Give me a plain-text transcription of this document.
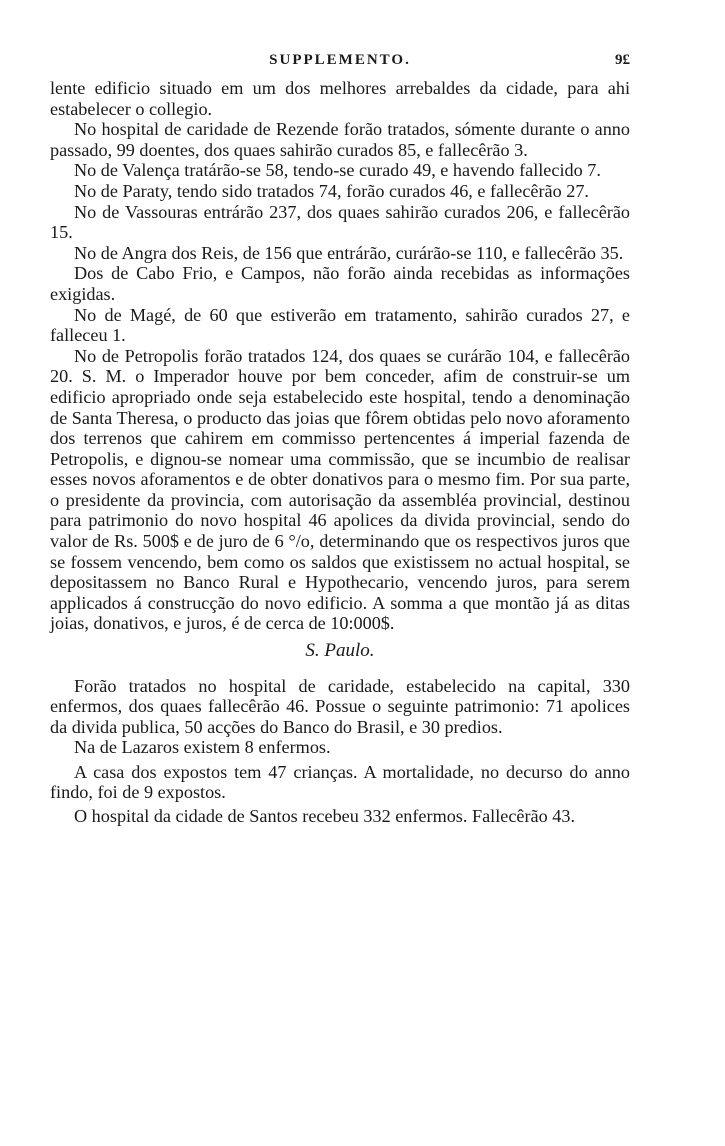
SUPPLEMENTO.	9£

lente edificio situado em um dos melhores arrebaldes da cidade, para ahi estabelecer o collegio.

No hospital de caridade de Rezende forão tratados, sómente durante o anno passado, 99 doentes, dos quaes sahirão curados 85, e fallecêrão 3.

No de Valença tratárão-se 58, tendo-se curado 49, e havendo fallecido 7.

No de Paraty, tendo sido tratados 74, forão curados 46, e fallecêrão 27.

No de Vassouras entrárão 237, dos quaes sahirão curados 206, e fallecêrão 15.

No de Angra dos Reis, de 156 que entrárão, curárão-se 110, e fallecêrão 35.

Dos de Cabo Frio, e Campos, não forão ainda recebidas as informações exigidas.

No de Magé, de 60 que estiverão em tratamento, sahirão curados 27, e falleceu 1.

No de Petropolis forão tratados 124, dos quaes se curárão 104, e fallecêrão 20. S. M. o Imperador houve por bem conceder, afim de construir-se um edificio apropriado onde seja estabelecido este hospital, tendo a denominação de Santa Theresa, o producto das joias que fôrem obtidas pelo novo aforamento dos terrenos que cahirem em commisso pertencentes á imperial fazenda de Petropolis, e dignou-se nomear uma commissão, que se incumbio de realisar esses novos aforamentos e de obter donativos para o mesmo fim. Por sua parte, o presidente da provincia, com autorisação da assembléa provincial, destinou para patrimonio do novo hospital 46 apolices da divida provincial, sendo do valor de Rs. 500$ e de juro de 6 °/o, determinando que os respectivos juros que se fossem vencendo, bem como os saldos que existissem no actual hospital, se depositassem no Banco Rural e Hypothecario, vencendo juros, para serem applicados á construcção do novo edificio. A somma a que montão já as ditas joias, donativos, e juros, é de cerca de 10:000$.

S. Paulo.

Forão tratados no hospital de caridade, estabelecido na capital, 330 enfermos, dos quaes fallecêrão 46. Possue o seguinte patrimonio: 71 apolices da divida publica, 50 acções do Banco do Brasil, e 30 predios.

Na de Lazaros existem 8 enfermos.

A casa dos expostos tem 47 crianças. A mortalidade, no decurso do anno findo, foi de 9 expostos.

O hospital da cidade de Santos recebeu 332 enfermos. Fallecêrão 43.
